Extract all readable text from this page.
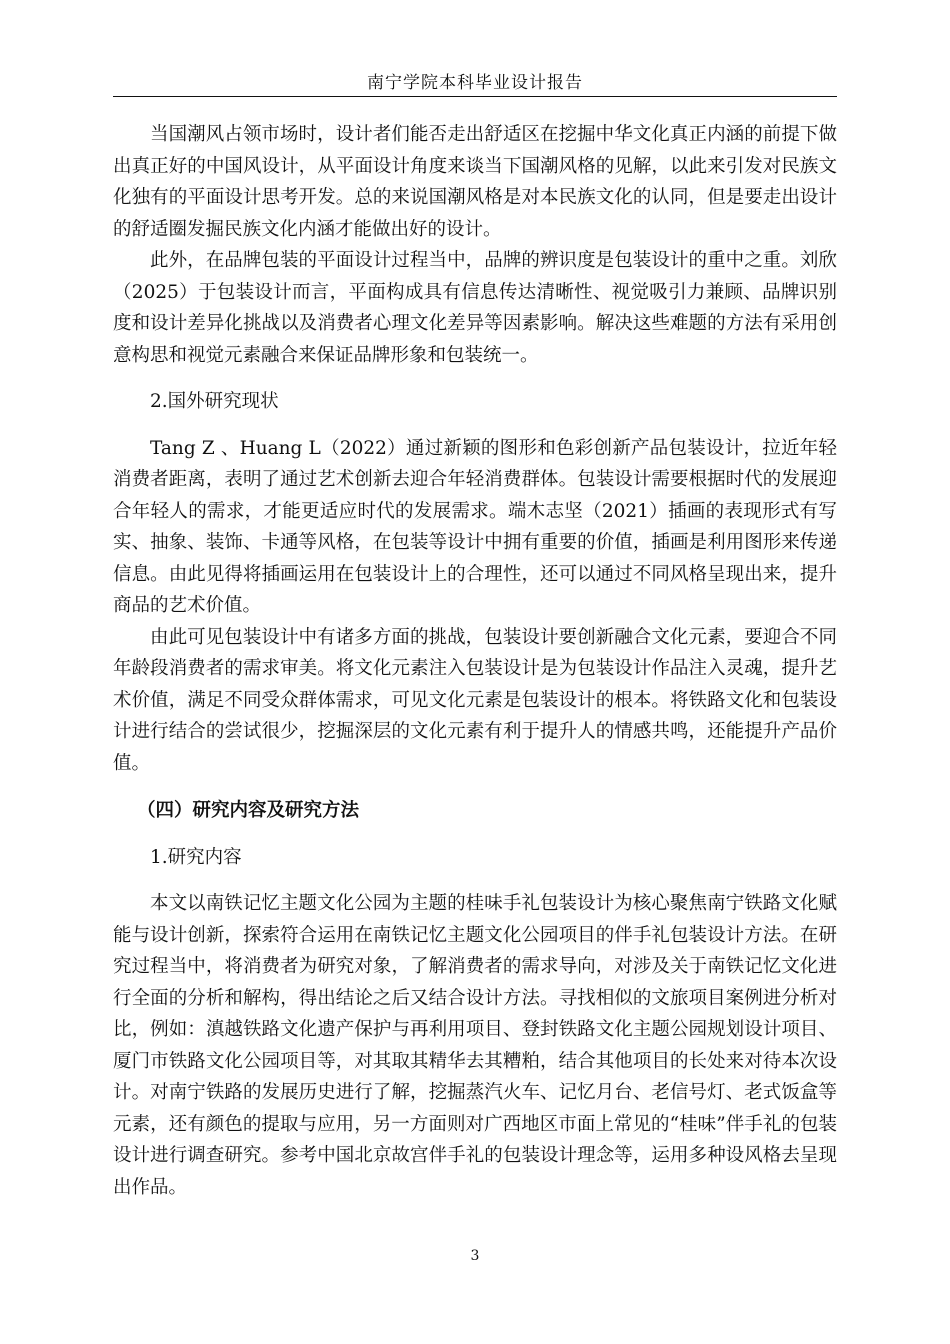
南宁学院本科毕业设计报告

当国潮风占领市场时，设计者们能否走出舒适区在挖掘中华文化真正内涵的前提下做出真正好的中国风设计，从平面设计角度来谈当下国潮风格的见解，以此来引发对民族文化独有的平面设计思考开发。总的来说国潮风格是对本民族文化的认同，但是要走出设计的舒适圈发掘民族文化内涵才能做出好的设计。

此外，在品牌包装的平面设计过程当中，品牌的辨识度是包装设计的重中之重。刘欣（2025）于包装设计而言，平面构成具有信息传达清晰性、视觉吸引力兼顾、品牌识别度和设计差异化挑战以及消费者心理文化差异等因素影响。解决这些难题的方法有采用创意构思和视觉元素融合来保证品牌形象和包装统一。

2.国外研究现状

Tang Z 、Huang L（2022）通过新颖的图形和色彩创新产品包装设计，拉近年轻消费者距离，表明了通过艺术创新去迎合年轻消费群体。包装设计需要根据时代的发展迎合年轻人的需求，才能更适应时代的发展需求。端木志坚（2021）插画的表现形式有写实、抽象、装饰、卡通等风格，在包装等设计中拥有重要的价值，插画是利用图形来传递信息。由此见得将插画运用在包装设计上的合理性，还可以通过不同风格呈现出来，提升商品的艺术价值。

由此可见包装设计中有诸多方面的挑战，包装设计要创新融合文化元素，要迎合不同年龄段消费者的需求审美。将文化元素注入包装设计是为包装设计作品注入灵魂，提升艺术价值，满足不同受众群体需求，可见文化元素是包装设计的根本。将铁路文化和包装设计进行结合的尝试很少，挖掘深层的文化元素有利于提升人的情感共鸣，还能提升产品价值。

（四）研究内容及研究方法

1.研究内容

本文以南铁记忆主题文化公园为主题的桂味手礼包装设计为核心聚焦南宁铁路文化赋能与设计创新，探索符合运用在南铁记忆主题文化公园项目的伴手礼包装设计方法。在研究过程当中，将消费者为研究对象，了解消费者的需求导向，对涉及关于南铁记忆文化进行全面的分析和解构，得出结论之后又结合设计方法。寻找相似的文旅项目案例进分析对比，例如：滇越铁路文化遗产保护与再利用项目、登封铁路文化主题公园规划设计项目、厦门市铁路文化公园项目等，对其取其精华去其糟粕，结合其他项目的长处来对待本次设计。对南宁铁路的发展历史进行了解，挖掘蒸汽火车、记忆月台、老信号灯、老式饭盒等元素，还有颜色的提取与应用，另一方面则对广西地区市面上常见的“桂味”伴手礼的包装设计进行调查研究。参考中国北京故宫伴手礼的包装设计理念等，运用多种设风格去呈现出作品。

3
